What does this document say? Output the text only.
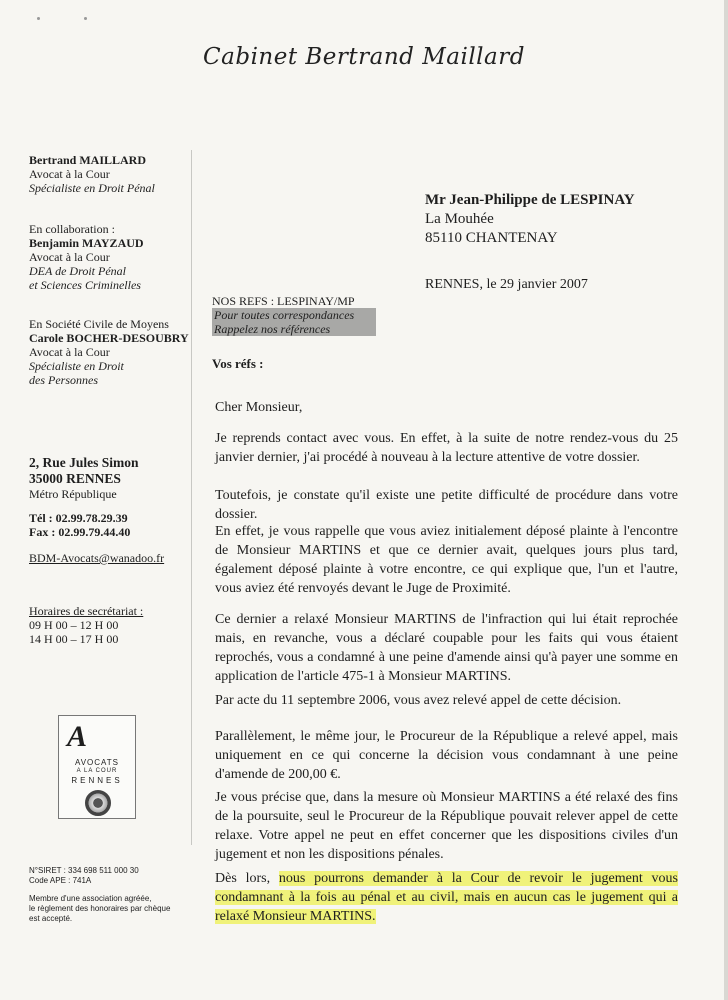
Cabinet Bertrand Maillard
Bertrand MAILLARD
Avocat à la Cour
Spécialiste en Droit Pénal
En collaboration :
Benjamin MAYZAUD
Avocat à la Cour
DEA de Droit Pénal
et Sciences Criminelles
En Société Civile de Moyens
Carole BOCHER-DESOUBRY
Avocat à la Cour
Spécialiste en Droit
des Personnes
2, Rue Jules Simon
35000 RENNES
Métro République
Tél : 02.99.78.29.39
Fax : 02.99.79.44.40
BDM-Avocats@wanadoo.fr
Horaires de secrétariat :
09 H 00 – 12 H 00
14 H 00 – 17 H 00
A
AVOCATS
A LA COUR
RENNES
N°SIRET : 334 698 511 000 30
Code APE : 741A
Membre d'une association agréée,
le règlement des honoraires par chèque
est accepté.
Mr Jean-Philippe de LESPINAY
La Mouhée
85110 CHANTENAY
RENNES, le 29 janvier 2007
NOS REFS : LESPINAY/MP
Pour toutes correspondances
Rappelez nos références
Vos réfs :

Cher Monsieur,

Je reprends contact avec vous. En effet, à la suite de notre rendez-vous du 25 janvier dernier, j'ai procédé à nouveau à la lecture attentive de votre dossier.

Toutefois, je constate qu'il existe une petite difficulté de procédure dans votre dossier.

En effet, je vous rappelle que vous aviez initialement déposé plainte à l'encontre de Monsieur MARTINS et que ce dernier avait, quelques jours plus tard, également déposé plainte à votre encontre, ce qui explique que, l'un et l'autre, vous aviez été renvoyés devant le Juge de Proximité.

Ce dernier a relaxé Monsieur MARTINS de l'infraction qui lui était reprochée mais, en revanche, vous a déclaré coupable pour les faits qui vous étaient reprochés, vous a condamné à une peine d'amende ainsi qu'à payer une somme en application de l'article 475-1 à Monsieur MARTINS.

Par acte du 11 septembre 2006, vous avez relevé appel de cette décision.

Parallèlement, le même jour, le Procureur de la République a relevé appel, mais uniquement en ce qui concerne la décision vous condamnant à une peine d'amende de 200,00 €.

Je vous précise que, dans la mesure où Monsieur MARTINS a été relaxé des fins de la poursuite, seul le Procureur de la République pouvait relever appel de cette relaxe. Votre appel ne peut en effet concerner que les dispositions civiles d'un jugement et non les dispositions pénales.

Dès lors, nous pourrons demander à la Cour de revoir le jugement vous condamnant à la fois au pénal et au civil, mais en aucun cas le jugement qui a relaxé Monsieur MARTINS.
